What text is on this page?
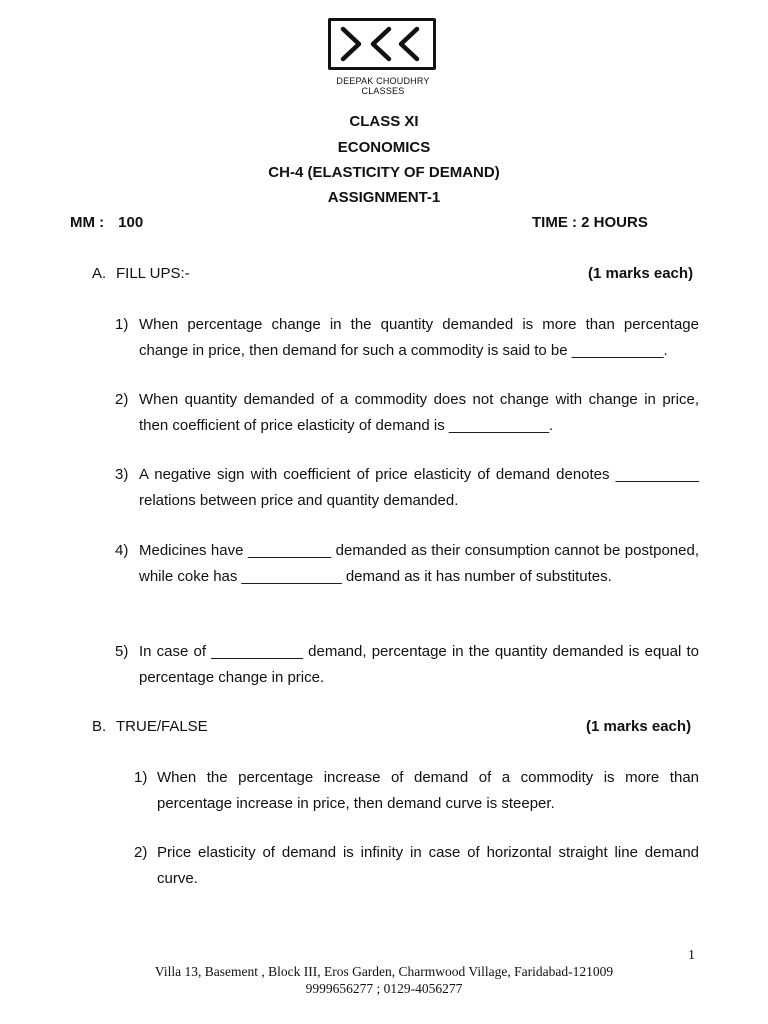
DEEPAK CHOUDHRY CLASSES
CLASS XI
ECONOMICS
CH-4 (ELASTICITY OF DEMAND)
ASSIGNMENT-1
MM : 100	TIME : 2 HOURS
A. FILL UPS:-	(1 marks each)
1) When percentage change in the quantity demanded is more than percentage change in price, then demand for such a commodity is said to be ___________.
2) When quantity demanded of a commodity does not change with change in price, then coefficient of price elasticity of demand is ____________.
3) A negative sign with coefficient of price elasticity of demand denotes __________ relations between price and quantity demanded.
4) Medicines have __________ demanded as their consumption cannot be postponed, while coke has ____________ demand as it has number of substitutes.
5) In case of ___________ demand, percentage in the quantity demanded is equal to percentage change in price.
B. TRUE/FALSE	(1 marks each)
1) When the percentage increase of demand of a commodity is more than percentage increase in price, then demand curve is steeper.
2) Price elasticity of demand is infinity in case of horizontal straight line demand curve.
1
Villa 13, Basement , Block III, Eros Garden, Charmwood Village, Faridabad-121009
9999656277 ; 0129-4056277
